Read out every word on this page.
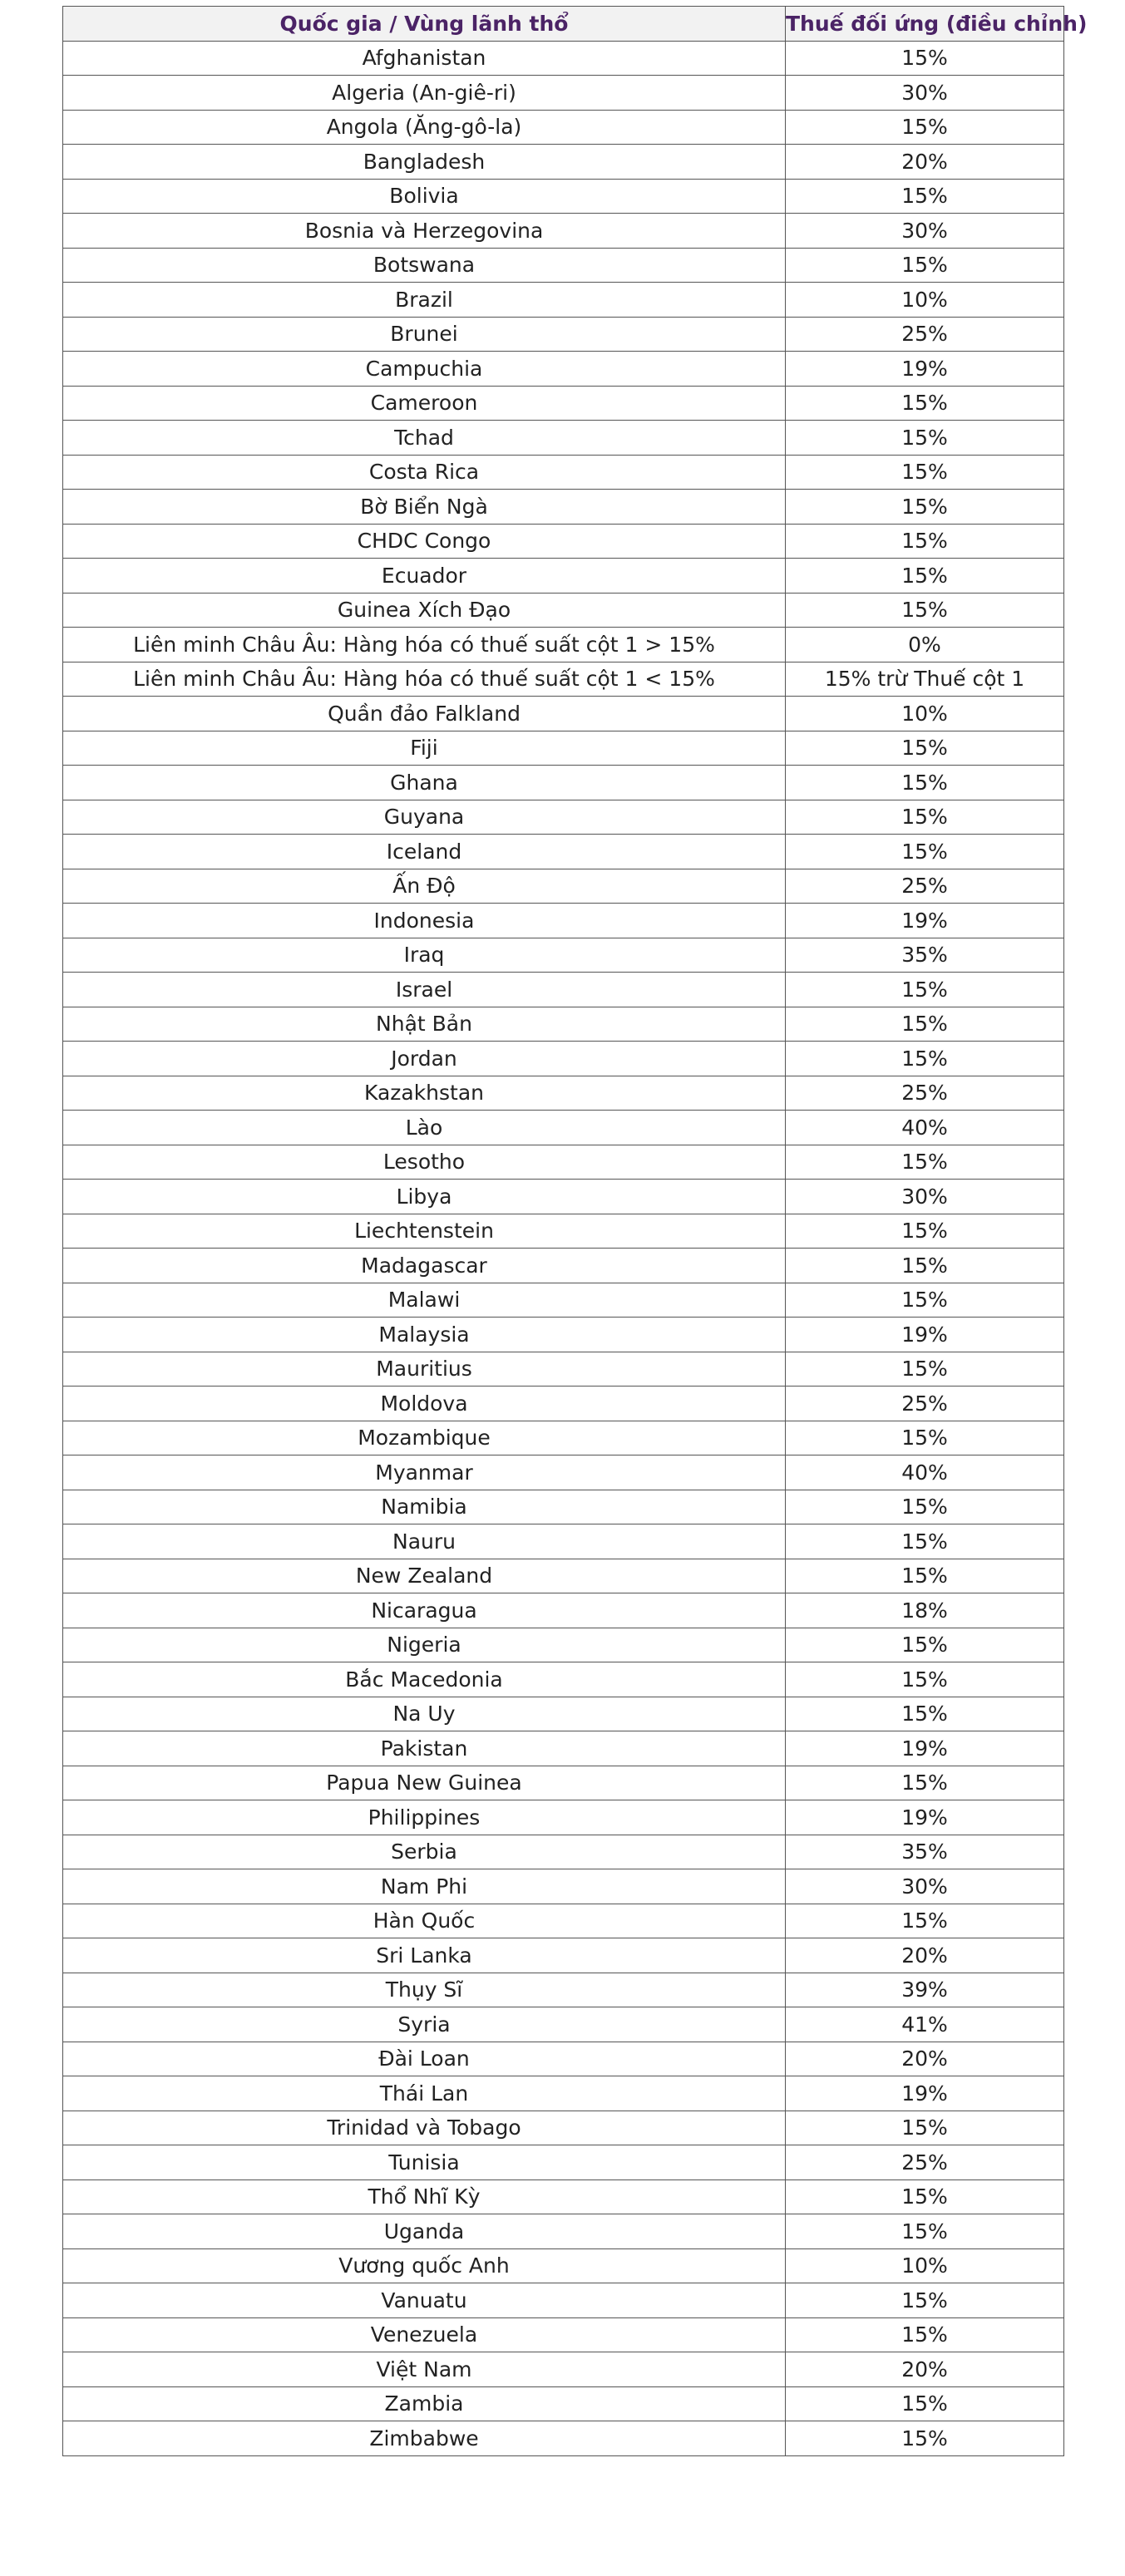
Quốc gia / Vùng lãnh thổ	Thuế đối ứng (điều chỉnh)
Afghanistan	15%
Algeria (An-giê-ri)	30%
Angola (Ăng-gô-la)	15%
Bangladesh	20%
Bolivia	15%
Bosnia và Herzegovina	30%
Botswana	15%
Brazil	10%
Brunei	25%
Campuchia	19%
Cameroon	15%
Tchad	15%
Costa Rica	15%
Bờ Biển Ngà	15%
CHDC Congo	15%
Ecuador	15%
Guinea Xích Đạo	15%
Liên minh Châu Âu: Hàng hóa có thuế suất cột 1 > 15%	0%
Liên minh Châu Âu: Hàng hóa có thuế suất cột 1 < 15%	15% trừ Thuế cột 1
Quần đảo Falkland	10%
Fiji	15%
Ghana	15%
Guyana	15%
Iceland	15%
Ấn Độ	25%
Indonesia	19%
Iraq	35%
Israel	15%
Nhật Bản	15%
Jordan	15%
Kazakhstan	25%
Lào	40%
Lesotho	15%
Libya	30%
Liechtenstein	15%
Madagascar	15%
Malawi	15%
Malaysia	19%
Mauritius	15%
Moldova	25%
Mozambique	15%
Myanmar	40%
Namibia	15%
Nauru	15%
New Zealand	15%
Nicaragua	18%
Nigeria	15%
Bắc Macedonia	15%
Na Uy	15%
Pakistan	19%
Papua New Guinea	15%
Philippines	19%
Serbia	35%
Nam Phi	30%
Hàn Quốc	15%
Sri Lanka	20%
Thụy Sĩ	39%
Syria	41%
Đài Loan	20%
Thái Lan	19%
Trinidad và Tobago	15%
Tunisia	25%
Thổ Nhĩ Kỳ	15%
Uganda	15%
Vương quốc Anh	10%
Vanuatu	15%
Venezuela	15%
Việt Nam	20%
Zambia	15%
Zimbabwe	15%
